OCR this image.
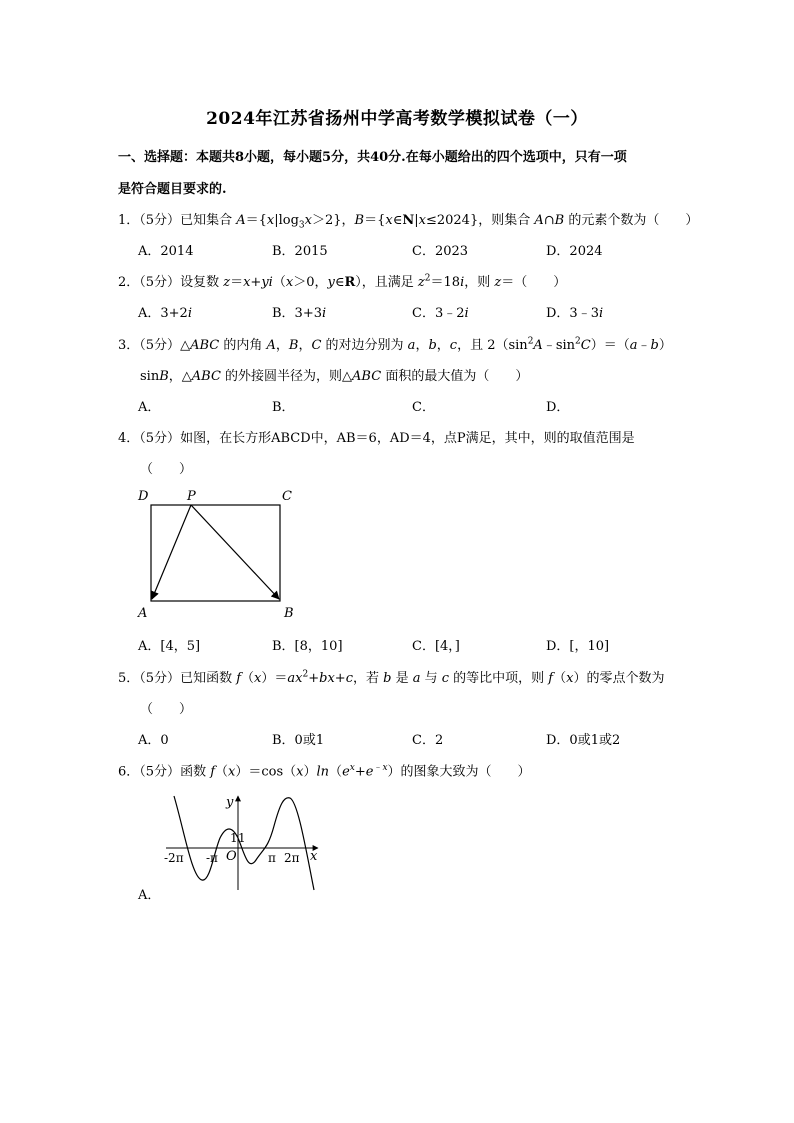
2024年江苏省扬州中学高考数学模拟试卷（一）
一、选择题：本题共8小题，每小题5分，共40分.在每小题给出的四个选项中，只有一项
是符合题目要求的.
1．（5分）已知集合 $A=\{x|\log_3x>2\}$，B＝{x∈N|x≤2024}，则集合 A∩B 的元素个数为（　　）
A．2014	B．2015	C．2023	D．2024
2．（5分）设复数 z＝x+yi（x＞0，y∈R），且满足 $z^2=18i$，则 z＝（　　）
A．3+2i	B．3+3i	C．3﹣2i	D．3﹣3i
3．（5分）△ABC 的内角 A，B，C 的对边分别为 a，b，c，且 $2(\sin^2A﹣\sin^2C)=(a﹣b)$
sinB，△ABC 的外接圆半径为，则△ABC 面积的最大值为（　　）
A．	B．	C．	D．
4．（5分）如图，在长方形ABCD中，AB＝6，AD＝4，点P满足，其中，则的取值范围是
（　　）
D	P	C
A	B
A．[4，5]	B．[8，10]	C．[4，]	D．[，10]
5．（5分）已知函数 $f(x)=ax^2+bx+c$，若 b 是 a 与 c 的等比中项，则 f（x）的零点个数为
（　　）
A．0	B．0或1	C．2	D．0或1或2
6．（5分）函数 $f(x)=\cos(x)\ln(e^x+e^{﹣x})$的图象大致为（　　）
y
x
1 1
O
-2π -π	π 2π
A．
